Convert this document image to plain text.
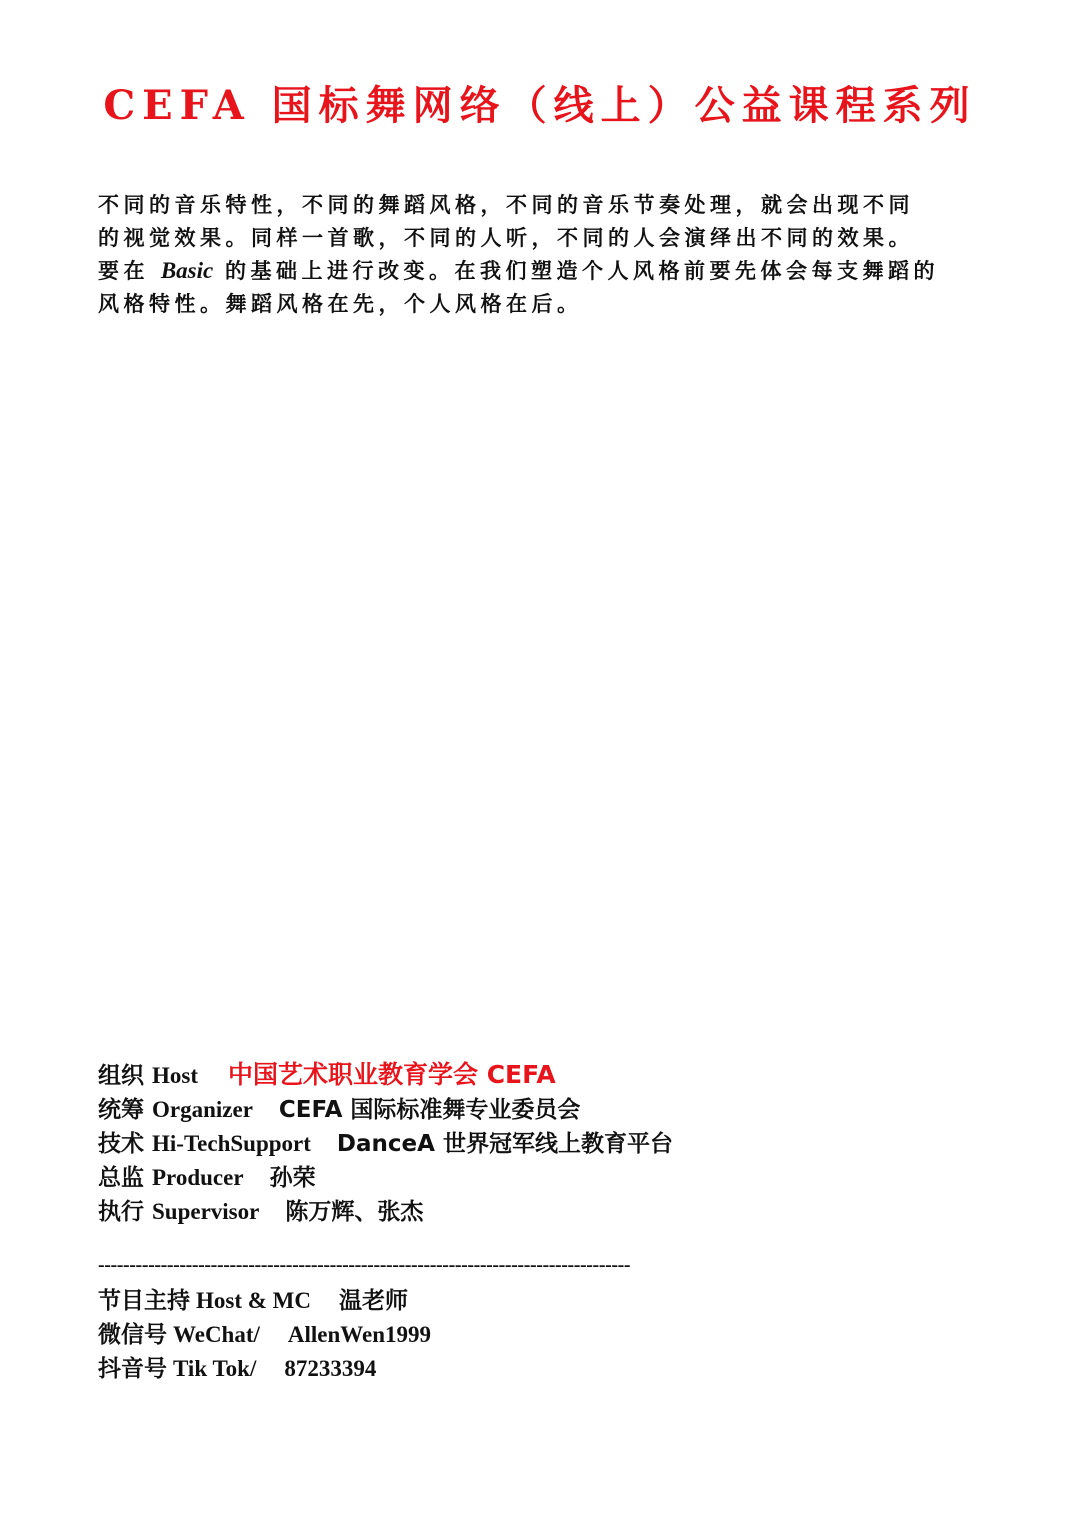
CEFA 国标舞网络（线上）公益课程系列

不同的音乐特性，不同的舞蹈风格，不同的音乐节奏处理，就会出现不同
的视觉效果。同样一首歌，不同的人听，不同的人会演绎出不同的效果。
要在 Basic 的基础上进行改变。在我们塑造个人风格前要先体会每支舞蹈的
风格特性。舞蹈风格在先，个人风格在后。

组织 Host 中国艺术职业教育学会 CEFA
统筹 Organizer CEFA 国际标准舞专业委员会
技术 Hi-TechSupport DanceA 世界冠军线上教育平台
总监 Producer 孙荣
执行 Supervisor 陈万辉、张杰
-------------------------------------------------------------------------------------
节目主持 Host & MC 温老师
微信号 WeChat/ AllenWen1999
抖音号 Tik Tok/ 87233394
